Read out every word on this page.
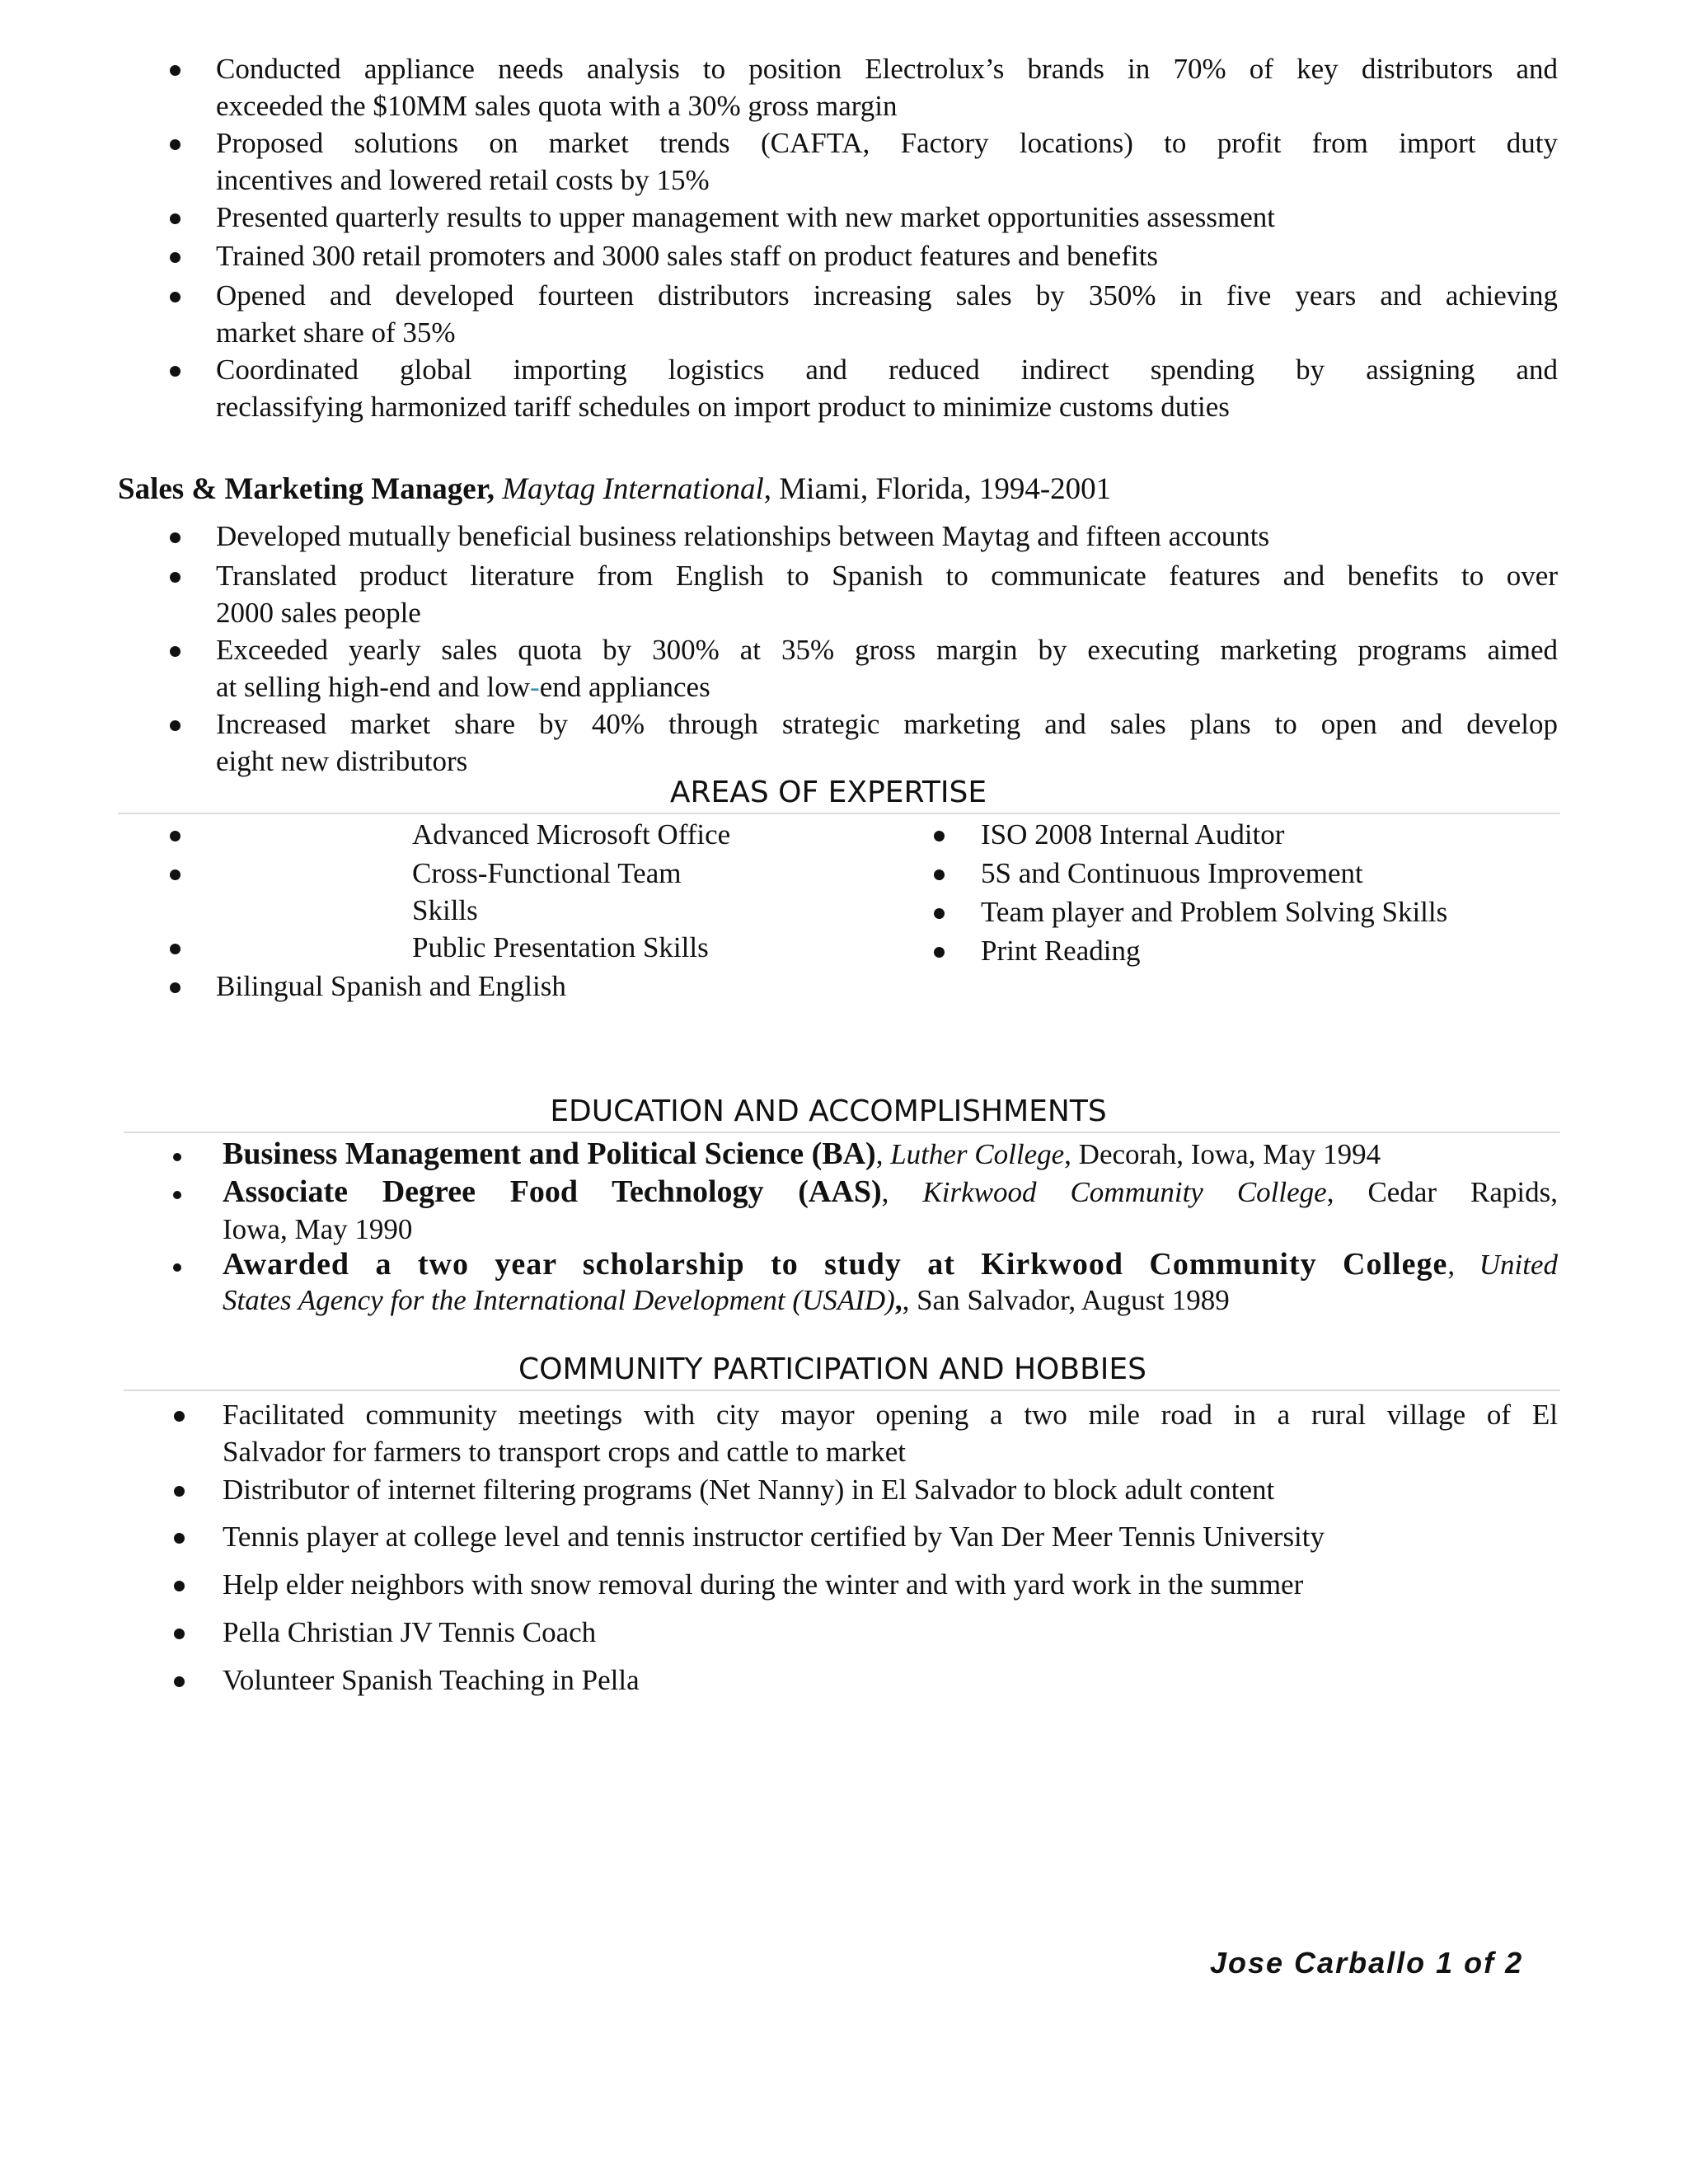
Conducted appliance needs analysis to position Electrolux’s brands in 70% of key distributors and
exceeded the $10MM sales quota with a 30% gross margin
Proposed solutions on market trends (CAFTA, Factory locations) to profit from import duty
incentives and lowered retail costs by 15%
Presented quarterly results to upper management with new market opportunities assessment
Trained 300 retail promoters and 3000 sales staff on product features and benefits
Opened and developed fourteen distributors increasing sales by 350% in five years and achieving
market share of 35%
Coordinated global importing logistics and reduced indirect spending by assigning and
reclassifying harmonized tariff schedules on import product to minimize customs duties
Sales & Marketing Manager, Maytag International, Miami, Florida, 1994-2001
Developed mutually beneficial business relationships between Maytag and fifteen accounts
Translated product literature from English to Spanish to communicate features and benefits to over
2000 sales people
Exceeded yearly sales quota by 300% at 35% gross margin by executing marketing programs aimed
at selling high-end and low-end appliances
Increased market share by 40% through strategic marketing and sales plans to open and develop
eight new distributors
AREAS OF EXPERTISE
Advanced Microsoft Office
Cross-Functional Team
Skills
Public Presentation Skills
Bilingual Spanish and English
ISO 2008 Internal Auditor
5S and Continuous Improvement
Team player and Problem Solving Skills
Print Reading
EDUCATION AND ACCOMPLISHMENTS
Business Management and Political Science (BA), Luther College, Decorah, Iowa, May 1994
Associate Degree Food Technology (AAS), Kirkwood Community College, Cedar Rapids,
Iowa, May 1990
Awarded a two year scholarship to study at Kirkwood Community College, United
States Agency for the International Development (USAID),, San Salvador, August 1989
COMMUNITY PARTICIPATION AND HOBBIES
Facilitated community meetings with city mayor opening a two mile road in a rural village of El
Salvador for farmers to transport crops and cattle to market
Distributor of internet filtering programs (Net Nanny) in El Salvador to block adult content
Tennis player at college level and tennis instructor certified by Van Der Meer Tennis University
Help elder neighbors with snow removal during the winter and with yard work in the summer
Pella Christian JV Tennis Coach
Volunteer Spanish Teaching in Pella
Jose Carballo 1 of 2
